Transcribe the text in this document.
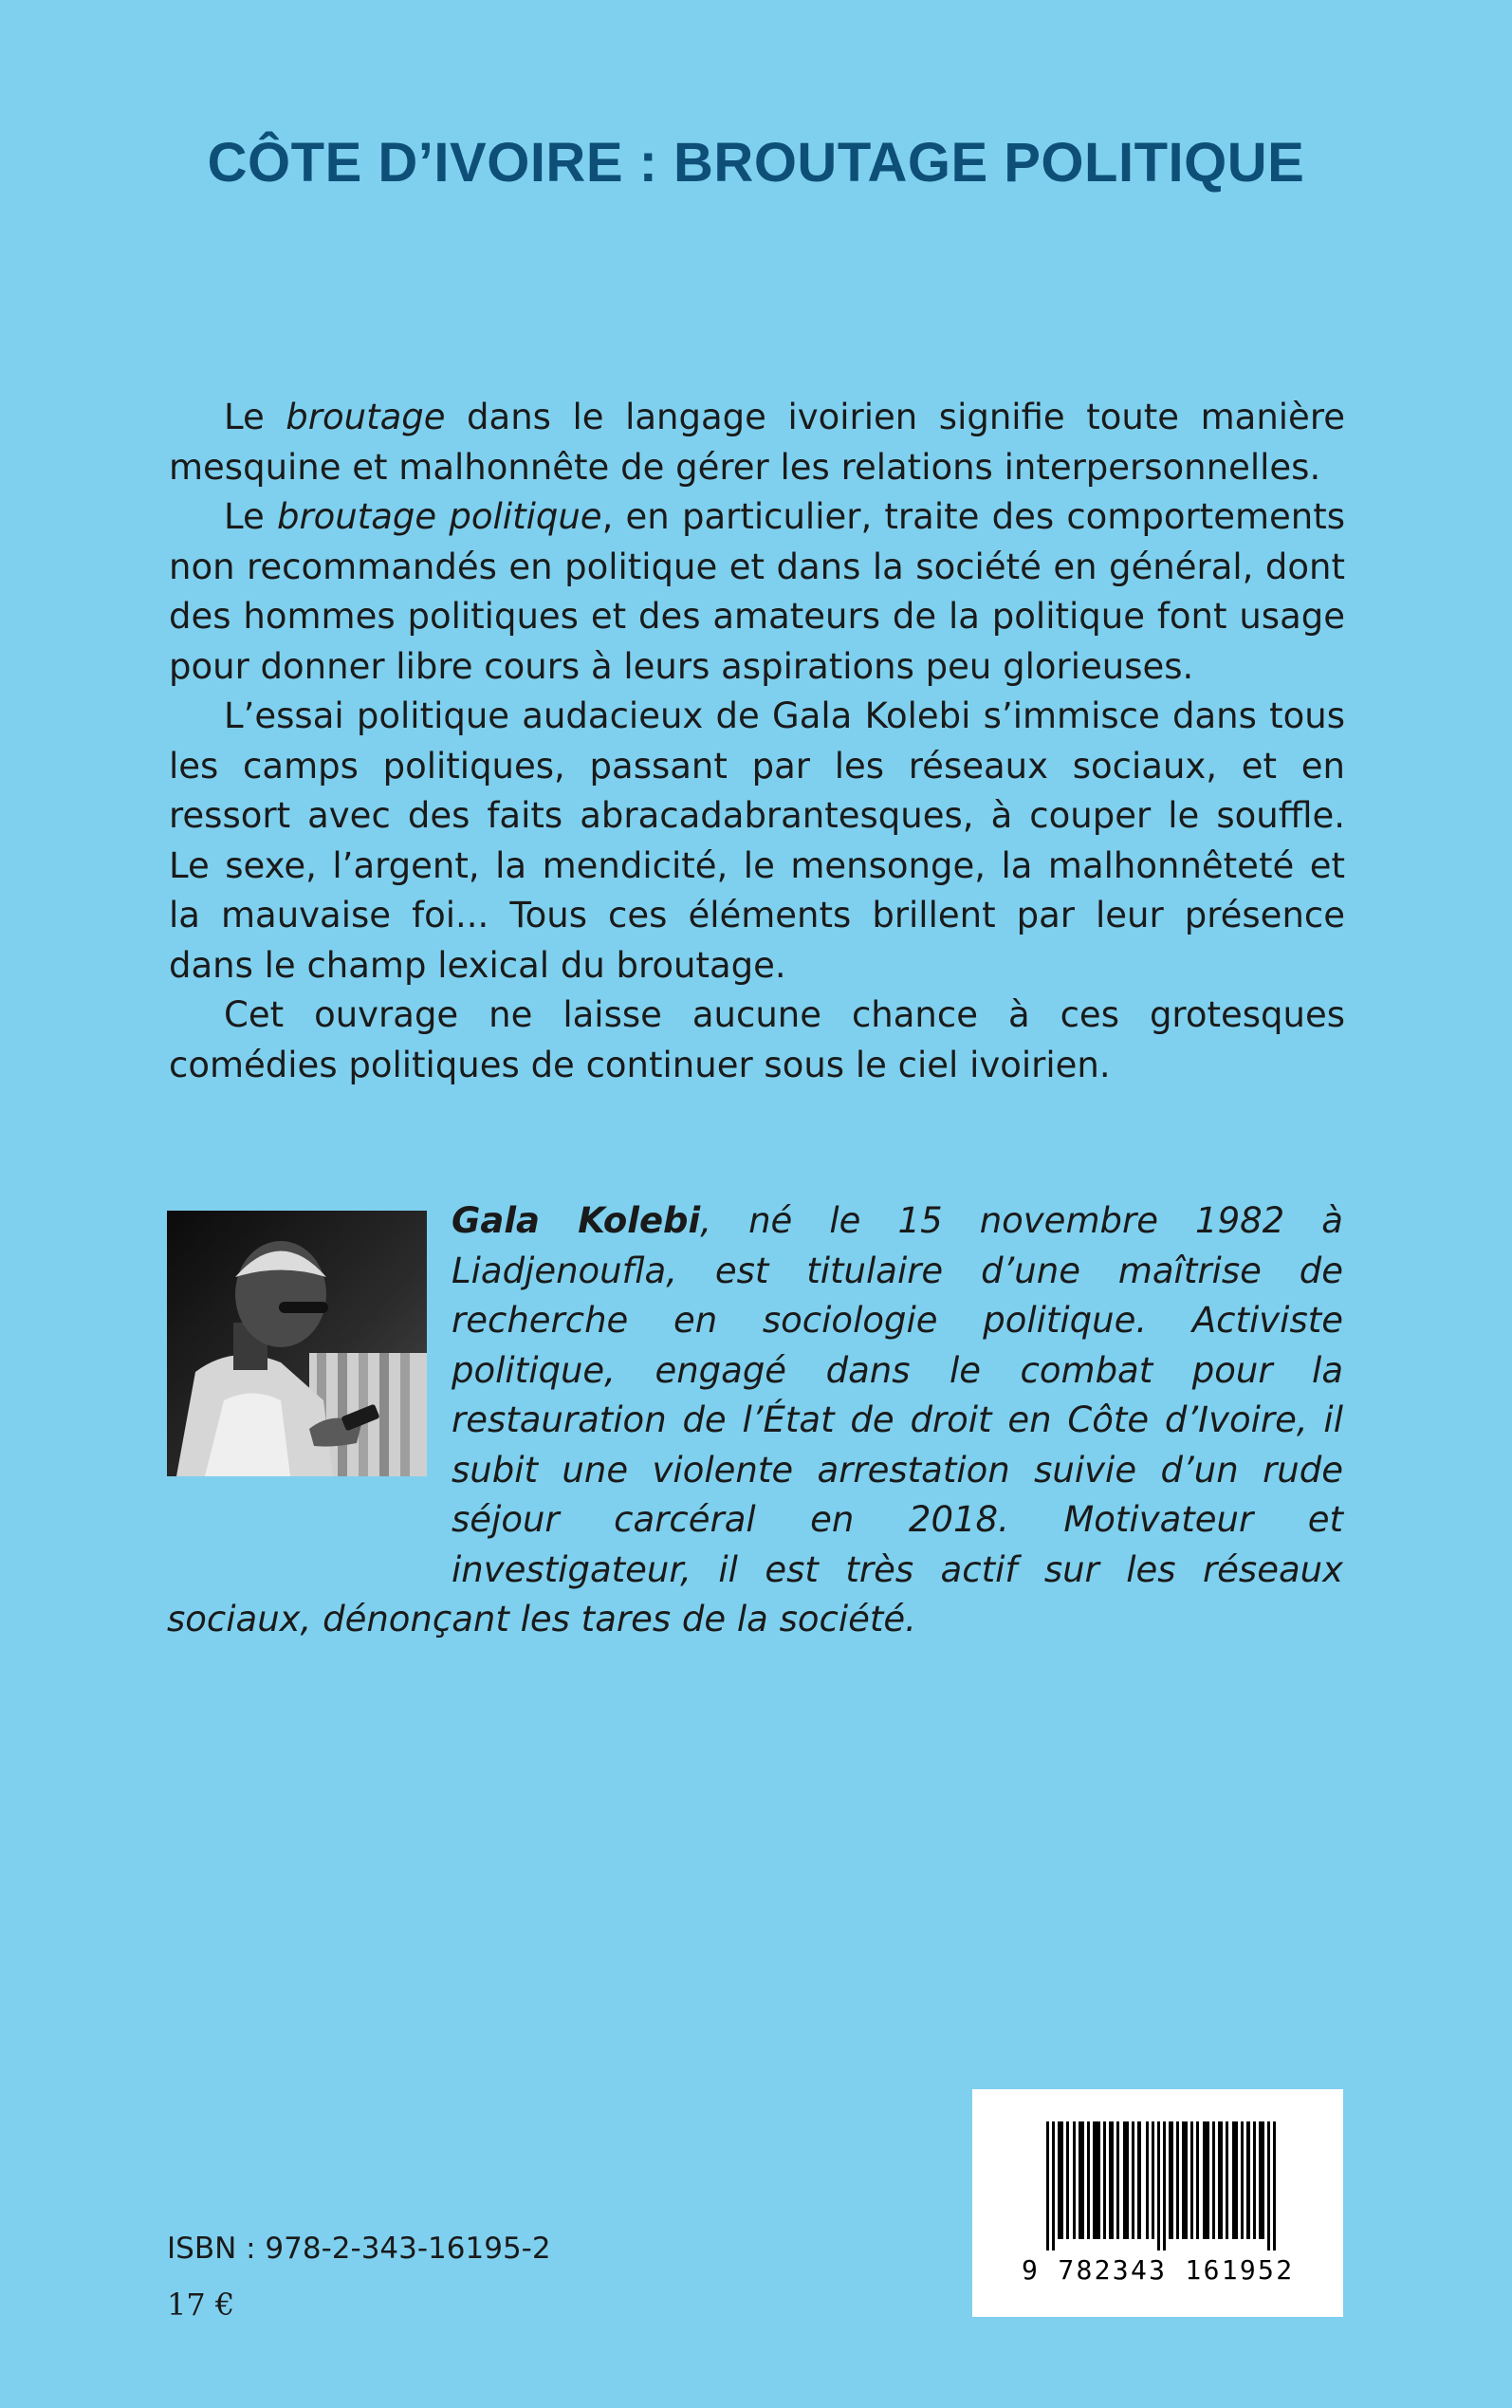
CÔTE D’IVOIRE : BROUTAGE POLITIQUE

Le broutage dans le langage ivoirien signifie toute manière mesquine et malhonnête de gérer les relations interpersonnelles.

Le broutage politique, en particulier, traite des comportements non recommandés en politique et dans la société en général, dont des hommes politiques et des amateurs de la politique font usage pour donner libre cours à leurs aspirations peu glorieuses.

L’essai politique audacieux de Gala Kolebi s’immisce dans tous les camps politiques, passant par les réseaux sociaux, et en ressort avec des faits abracadabrantesques, à couper le souffle. Le sexe, l’argent, la mendicité, le mensonge, la malhonnêteté et la mauvaise foi... Tous ces éléments brillent par leur présence dans le champ lexical du broutage.

Cet ouvrage ne laisse aucune chance à ces grotesques comédies politiques de continuer sous le ciel ivoirien.

Gala Kolebi, né le 15 novembre 1982 à Liadjenoufla, est titulaire d’une maîtrise de recherche en sociologie politique. Activiste politique, engagé dans le combat pour la restauration de l’État de droit en Côte d’Ivoire, il subit une violente arrestation suivie d’un rude séjour carcéral en 2018. Motivateur et investigateur, il est très actif sur les réseaux sociaux, dénonçant les tares de la société.
ISBN : 978-2-343-16195-2
17 €
9 782343 161952
